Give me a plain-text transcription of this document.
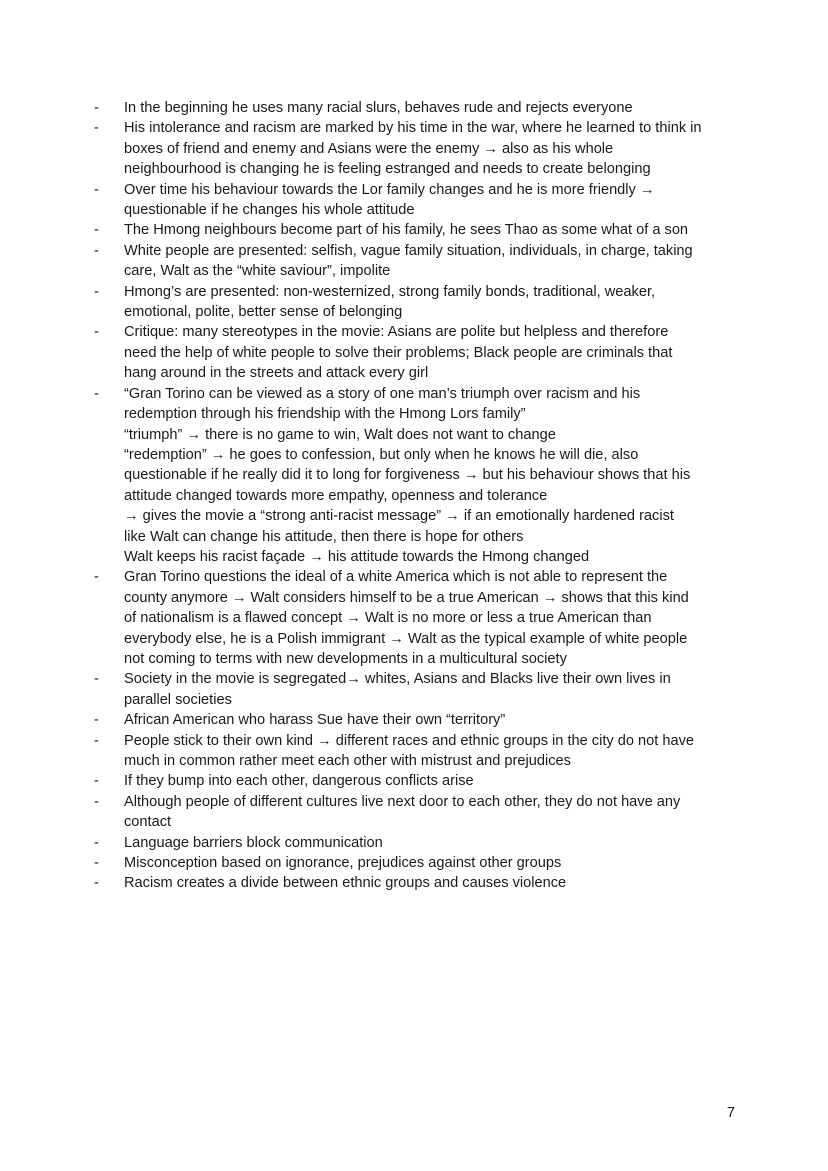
-	In the beginning he uses many racial slurs, behaves rude and rejects everyone
-	His intolerance and racism are marked by his time in the war, where he learned to think in
boxes of friend and enemy and Asians were the enemy → also as his whole
neighbourhood is changing he is feeling estranged and needs to create belonging
-	Over time his behaviour towards the Lor family changes and he is more friendly →
questionable if he changes his whole attitude
-	The Hmong neighbours become part of his family, he sees Thao as some what of a son
-	White people are presented: selfish, vague family situation, individuals, in charge, taking
care, Walt as the “white saviour”, impolite
-	Hmong’s are presented: non-westernized, strong family bonds, traditional, weaker,
emotional, polite, better sense of belonging
-	Critique: many stereotypes in the movie: Asians are polite but helpless and therefore
need the help of white people to solve their problems; Black people are criminals that
hang around in the streets and attack every girl
-	“Gran Torino can be viewed as a story of one man’s triumph over racism and his
redemption through his friendship with the Hmong Lors family”
“triumph” → there is no game to win, Walt does not want to change
“redemption” → he goes to confession, but only when he knows he will die, also
questionable if he really did it to long for forgiveness → but his behaviour shows that his
attitude changed towards more empathy, openness and tolerance
→ gives the movie a “strong anti-racist message” → if an emotionally hardened racist
like Walt can change his attitude, then there is hope for others
Walt keeps his racist façade → his attitude towards the Hmong changed
-	Gran Torino questions the ideal of a white America which is not able to represent the
county anymore → Walt considers himself to be a true American → shows that this kind
of nationalism is a flawed concept → Walt is no more or less a true American than
everybody else, he is a Polish immigrant → Walt as the typical example of white people
not coming to terms with new developments in a multicultural society
-	Society in the movie is segregated→ whites, Asians and Blacks live their own lives in
parallel societies
-	African American who harass Sue have their own “territory”
-	People stick to their own kind → different races and ethnic groups in the city do not have
much in common rather meet each other with mistrust and prejudices
-	If they bump into each other, dangerous conflicts arise
-	Although people of different cultures live next door to each other, they do not have any
contact
-	Language barriers block communication
-	Misconception based on ignorance, prejudices against other groups
-	Racism creates a divide between ethnic groups and causes violence
7
